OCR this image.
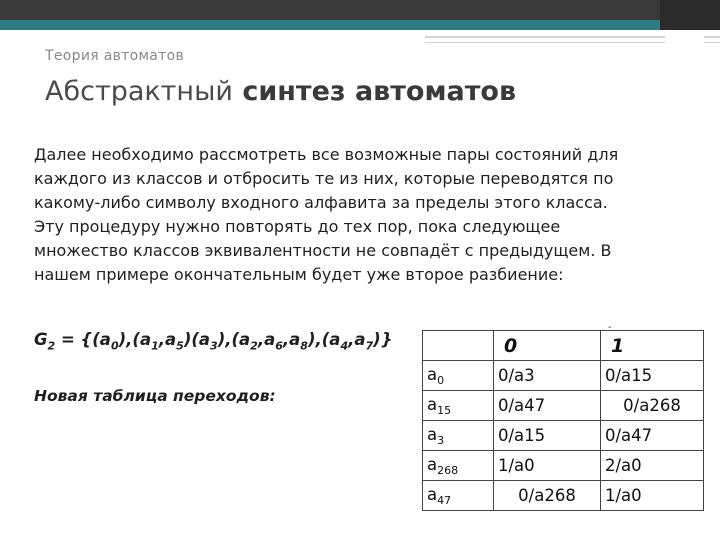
Теория автоматов
Абстрактный синтез автоматов
Далее необходимо рассмотреть все возможные пары состояний для
каждого из классов и отбросить те из них, которые переводятся по
какому-либо символу входного алфавита за пределы этого класса.
Эту процедуру нужно повторять до тех пор, пока следующее
множество классов эквивалентности не совпадёт с предыдущем. В
нашем примере окончательным будет уже второе разбиение:
$G_2 = \{(a_0),(a_1,a_5)(a_3),(a_2,a_6,a_8),(a_4,a_7)\}$
Новая таблица переходов:
-
	0	1
$a_0$	0/a3	0/a15
$a_{15}$	0/a47	0/a268
$a_3$	0/a15	0/a47
$a_{268}$	1/a0	2/a0
$a_{47}$	0/a268	1/a0
